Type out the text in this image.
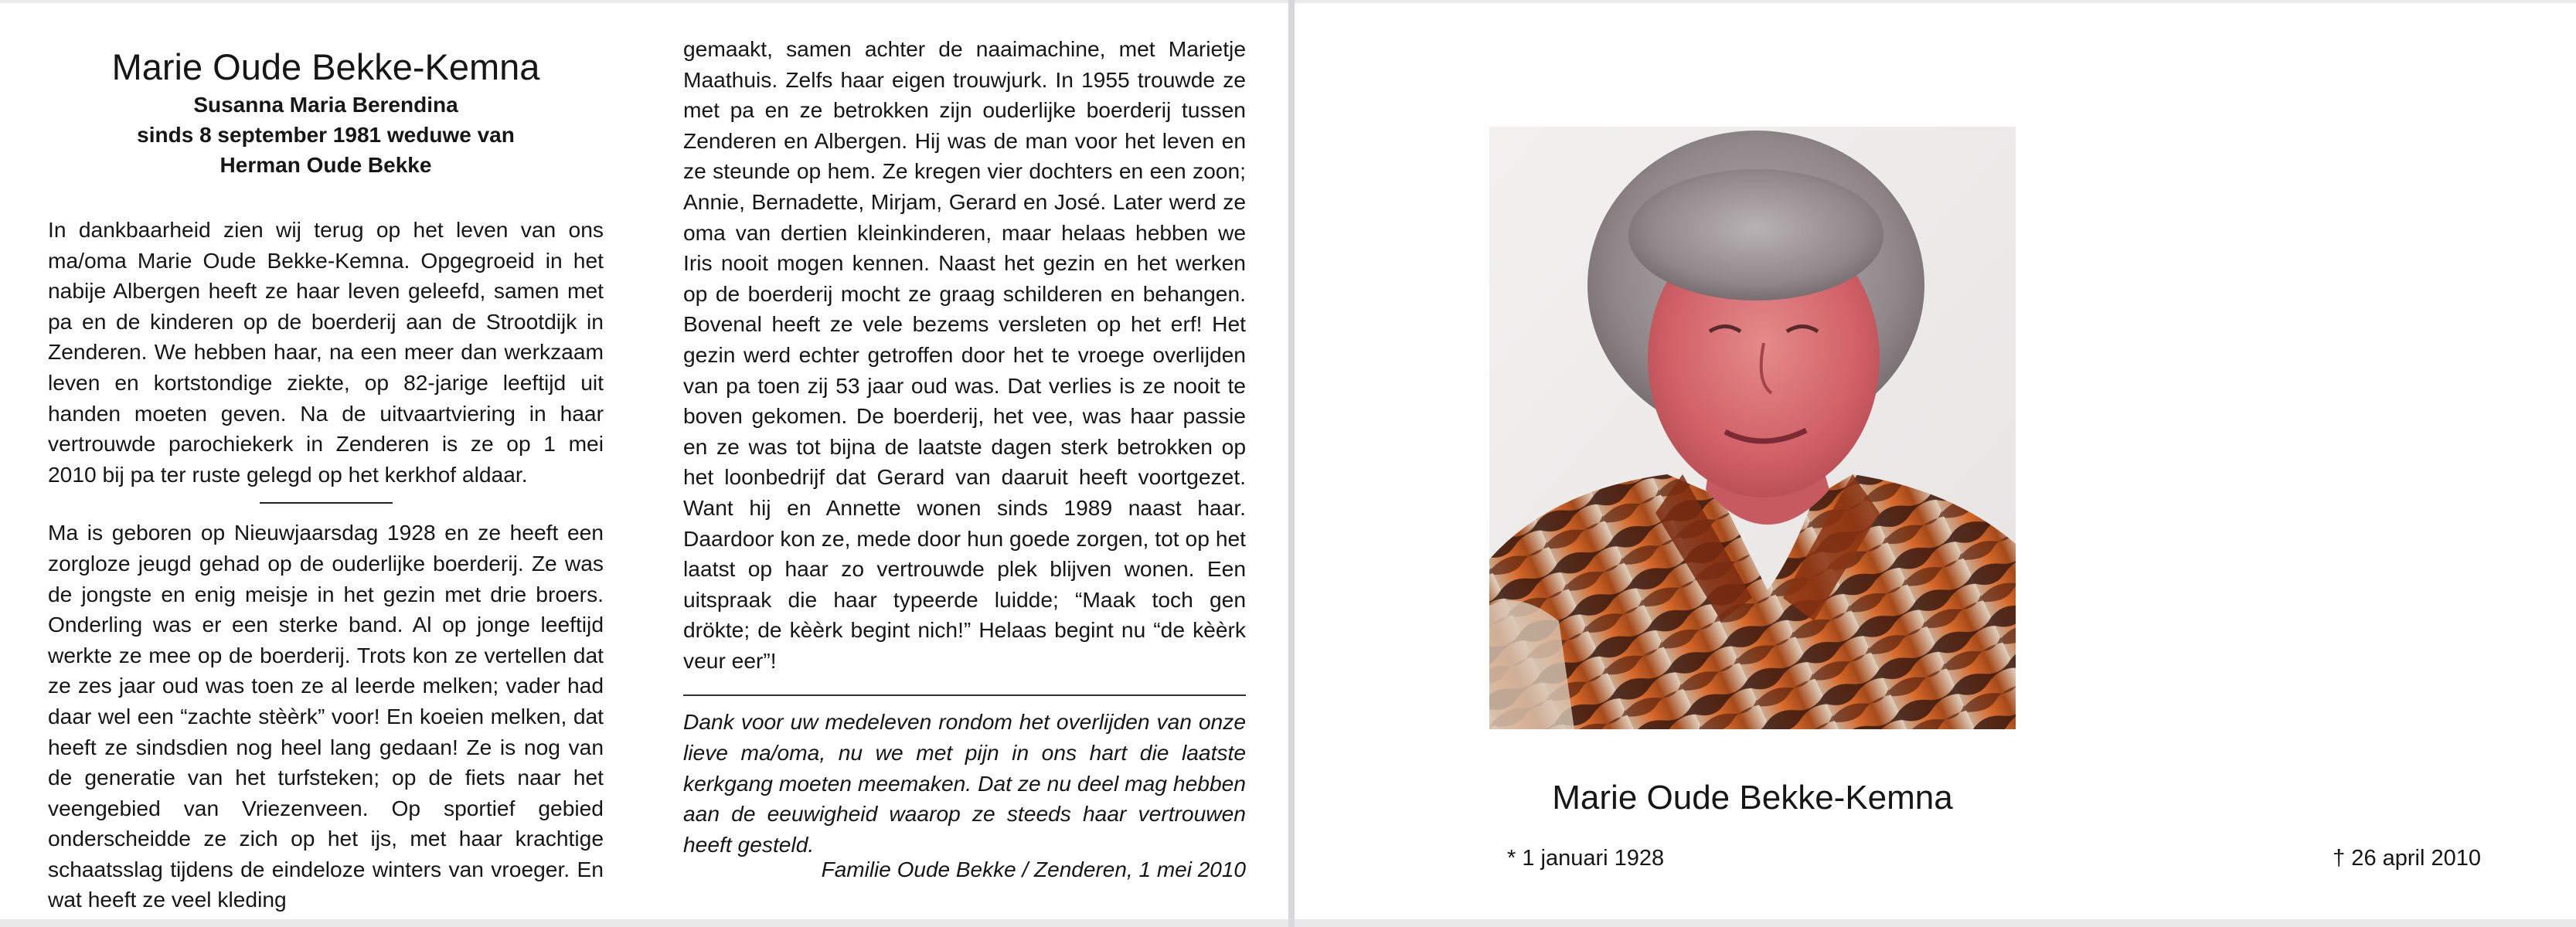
Marie Oude Bekke-Kemna
Susanna Maria Berendina
sinds 8 september 1981 weduwe van
Herman Oude Bekke

In dankbaarheid zien wij terug op het leven van ons ma/oma Marie Oude Bekke-Kemna. Opgegroeid in het nabije Albergen heeft ze haar leven geleefd, samen met pa en de kinderen op de boerderij aan de Strootdijk in Zenderen. We hebben haar, na een meer dan werkzaam leven en kortstondige ziekte, op 82-jarige leeftijd uit handen moeten geven. Na de uitvaartviering in haar vertrouwde parochiekerk in Zenderen is ze op 1 mei 2010 bij pa ter ruste gelegd op het kerkhof aldaar.

Ma is geboren op Nieuwjaarsdag 1928 en ze heeft een zorgloze jeugd gehad op de ouderlijke boerderij. Ze was de jongste en enig meisje in het gezin met drie broers. Onderling was er een sterke band. Al op jonge leeftijd werkte ze mee op de boerderij. Trots kon ze vertellen dat ze zes jaar oud was toen ze al leerde melken; vader had daar wel een “zachte stèèrk” voor! En koeien melken, dat heeft ze sindsdien nog heel lang gedaan! Ze is nog van de generatie van het turfsteken; op de fiets naar het veengebied van Vriezenveen. Op sportief gebied onderscheidde ze zich op het ijs, met haar krachtige schaatsslag tijdens de eindeloze winters van vroeger. En wat heeft ze veel kleding

gemaakt, samen achter de naaimachine, met Marietje Maathuis. Zelfs haar eigen trouwjurk. In 1955 trouwde ze met pa en ze betrokken zijn ouderlijke boerderij tussen Zenderen en Albergen. Hij was de man voor het leven en ze steunde op hem. Ze kregen vier dochters en een zoon; Annie, Bernadette, Mirjam, Gerard en José. Later werd ze oma van dertien kleinkinderen, maar helaas hebben we Iris nooit mogen kennen. Naast het gezin en het werken op de boerderij mocht ze graag schilderen en behangen. Bovenal heeft ze vele bezems versleten op het erf! Het gezin werd echter getroffen door het te vroege overlijden van pa toen zij 53 jaar oud was. Dat verlies is ze nooit te boven gekomen. De boerderij, het vee, was haar passie en ze was tot bijna de laatste dagen sterk betrokken op het loonbedrijf dat Gerard van daaruit heeft voortgezet. Want hij en Annette wonen sinds 1989 naast haar. Daardoor kon ze, mede door hun goede zorgen, tot op het laatst op haar zo vertrouwde plek blijven wonen. Een uitspraak die haar typeerde luidde; “Maak toch gen drökte; de kèèrk begint nich!” Helaas begint nu “de kèèrk veur eer”!

Dank voor uw medeleven rondom het overlijden van onze lieve ma/oma, nu we met pijn in ons hart die laatste kerkgang moeten meemaken. Dat ze nu deel mag hebben aan de eeuwigheid waarop ze steeds haar vertrouwen heeft gesteld.

Familie Oude Bekke / Zenderen, 1 mei 2010
Marie Oude Bekke-Kemna
* 1 januari 1928	† 26 april 2010
